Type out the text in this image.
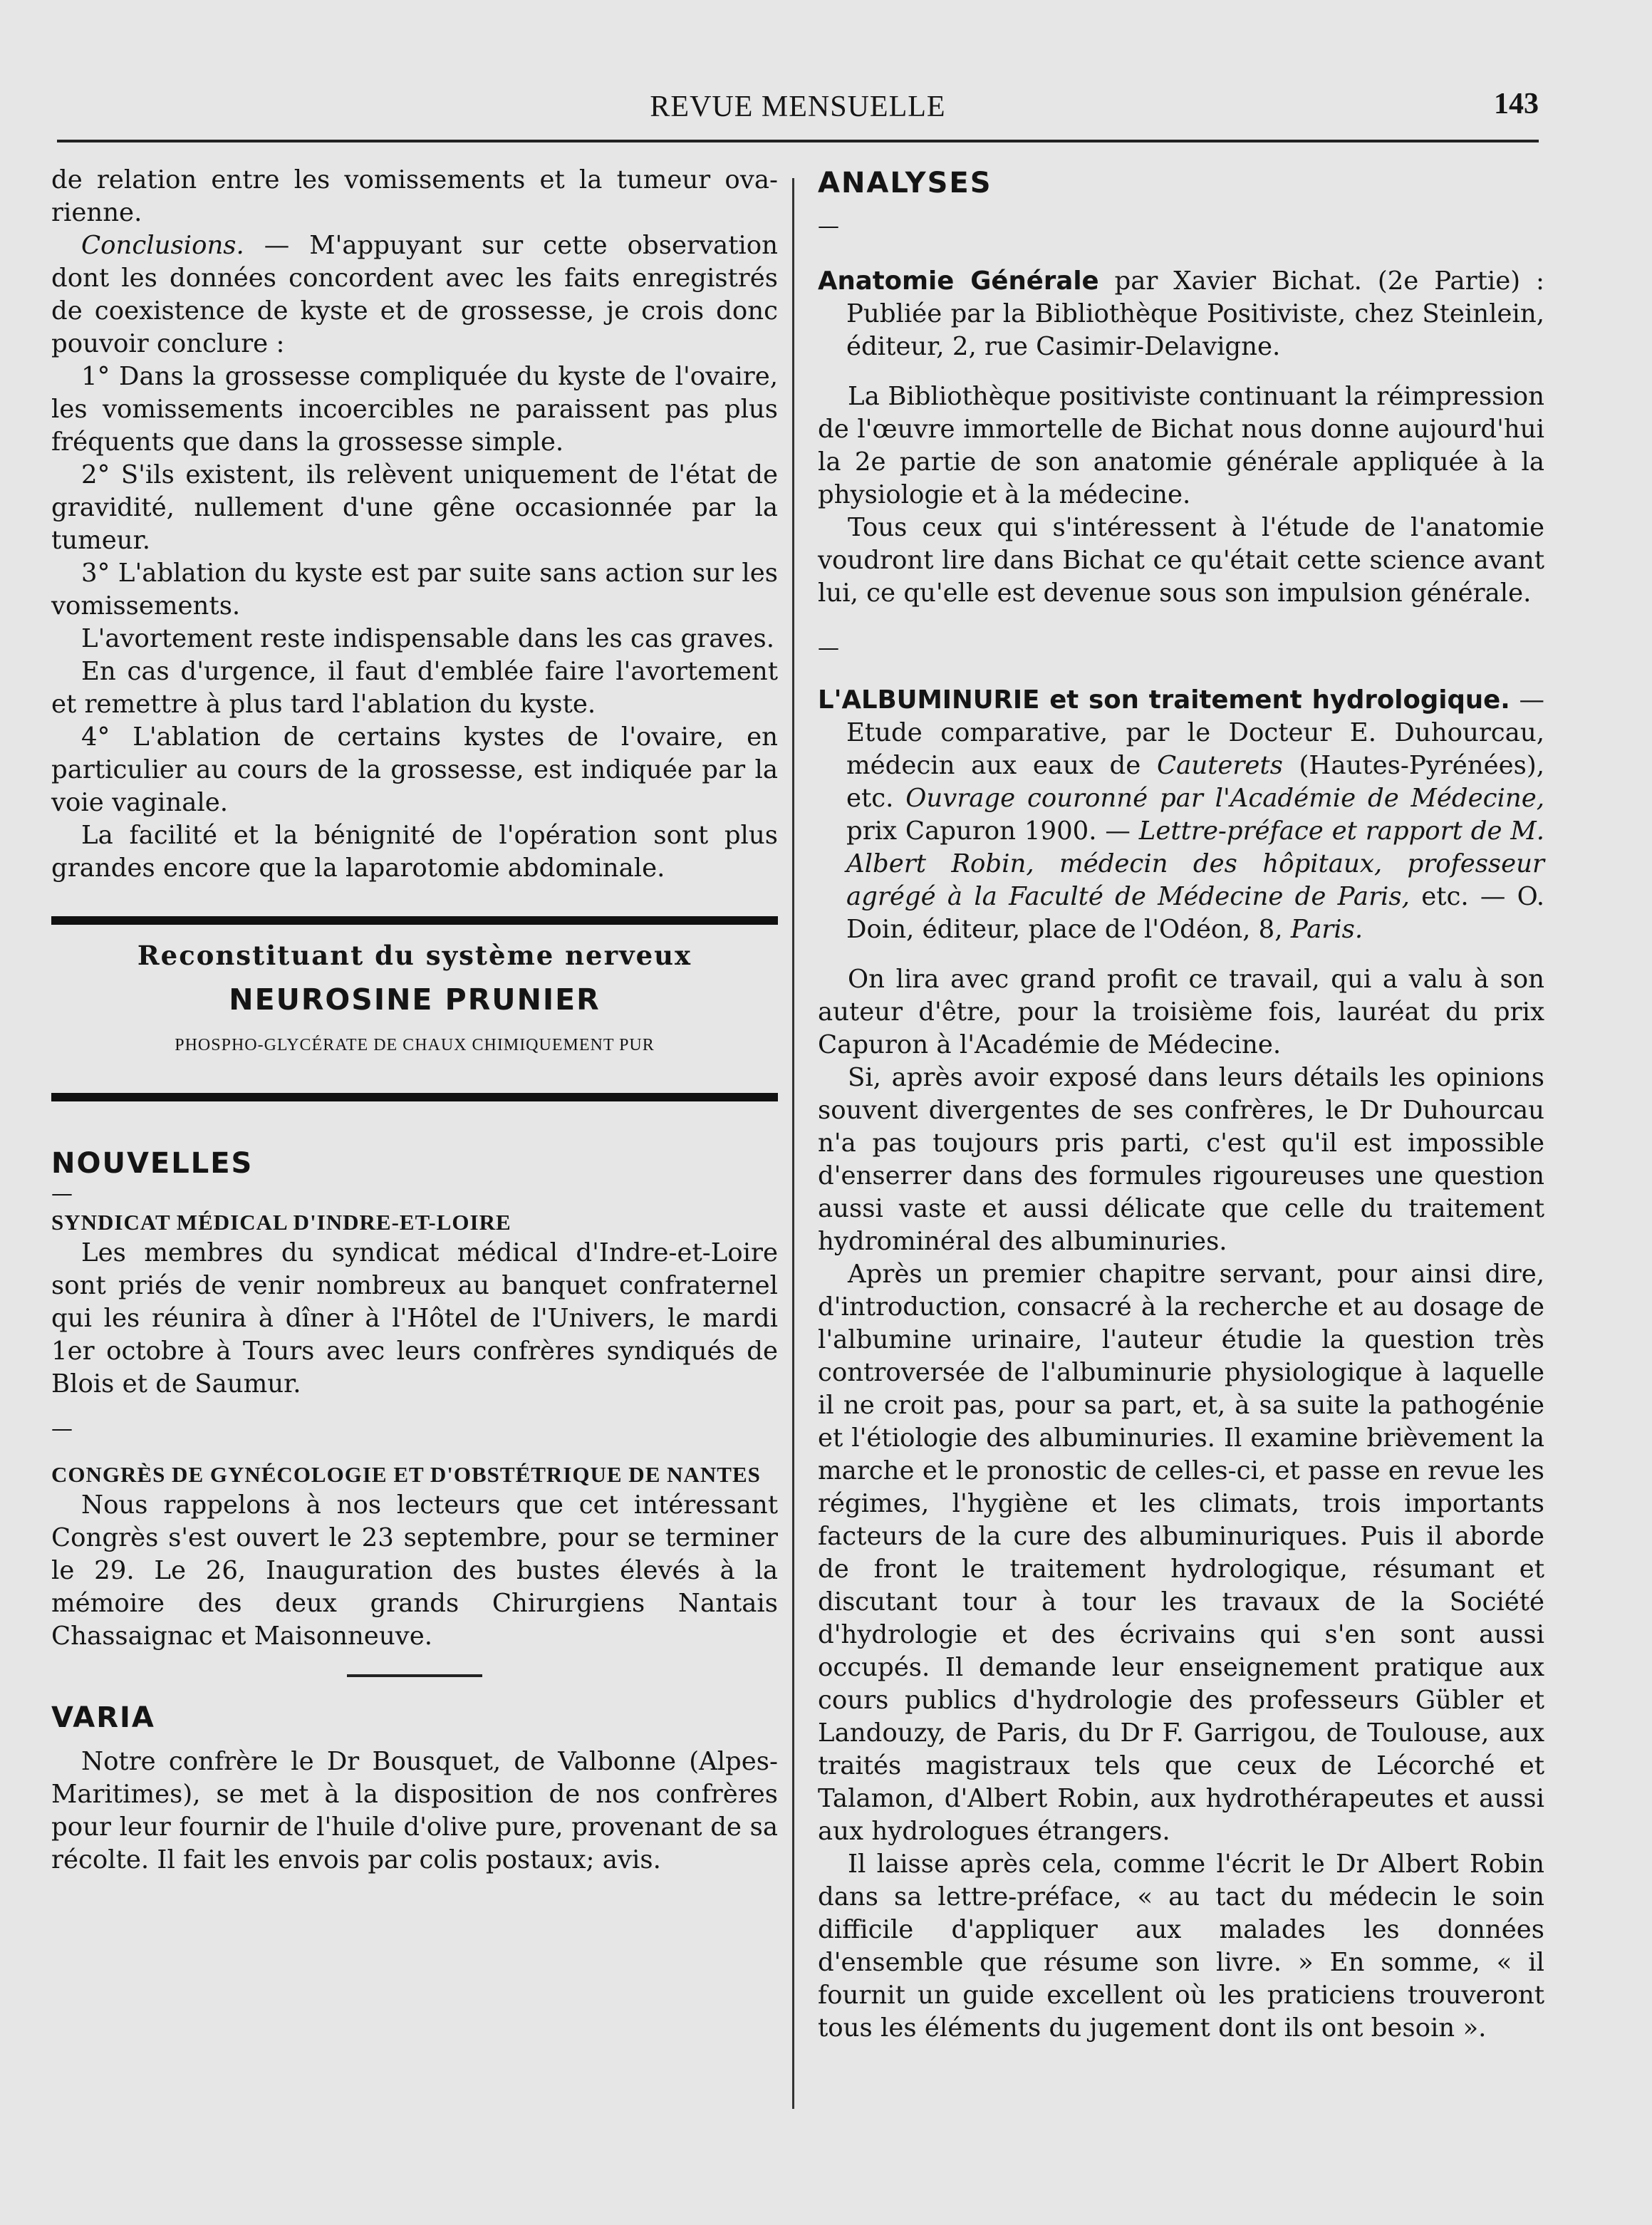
REVUE MENSUELLE	143

de relation entre les vomissements et la tumeur ova-rienne.

Conclusions. — M'appuyant sur cette observation dont les données concordent avec les faits enregistrés de coexistence de kyste et de grossesse, je crois donc pouvoir conclure :

1° Dans la grossesse compliquée du kyste de l'ovaire, les vomissements incoercibles ne paraissent pas plus fréquents que dans la grossesse simple.

2° S'ils existent, ils relèvent uniquement de l'état de gravidité, nullement d'une gêne occasionnée par la tumeur.

3° L'ablation du kyste est par suite sans action sur les vomissements.

L'avortement reste indispensable dans les cas graves.

En cas d'urgence, il faut d'emblée faire l'avortement et remettre à plus tard l'ablation du kyste.

4° L'ablation de certains kystes de l'ovaire, en particulier au cours de la grossesse, est indiquée par la voie vaginale.

La facilité et la bénignité de l'opération sont plus grandes encore que la laparotomie abdominale.

Reconstituant du système nerveux
NEUROSINE PRUNIER
PHOSPHO-GLYCÉRATE DE CHAUX CHIMIQUEMENT PUR

NOUVELLES

—

SYNDICAT MÉDICAL D'INDRE-ET-LOIRE

Les membres du syndicat médical d'Indre-et-Loire sont priés de venir nombreux au banquet confraternel qui les réunira à dîner à l'Hôtel de l'Univers, le mardi 1er octobre à Tours avec leurs confrères syndiqués de Blois et de Saumur.

—

CONGRÈS DE GYNÉCOLOGIE ET D'OBSTÉTRIQUE DE NANTES

Nous rappelons à nos lecteurs que cet intéressant Congrès s'est ouvert le 23 septembre, pour se terminer le 29. Le 26, Inauguration des bustes élevés à la mémoire des deux grands Chirurgiens Nantais Chassaignac et Maisonneuve.

VARIA

Notre confrère le Dr Bousquet, de Valbonne (Alpes-Maritimes), se met à la disposition de nos confrères pour leur fournir de l'huile d'olive pure, provenant de sa récolte. Il fait les envois par colis postaux; avis.

ANALYSES

—

Anatomie Générale par Xavier Bichat. (2e Partie) : Publiée par la Bibliothèque Positiviste, chez Steinlein, éditeur, 2, rue Casimir-Delavigne.

La Bibliothèque positiviste continuant la réimpression de l'œuvre immortelle de Bichat nous donne aujourd'hui la 2e partie de son anatomie générale appliquée à la physiologie et à la médecine.

Tous ceux qui s'intéressent à l'étude de l'anatomie voudront lire dans Bichat ce qu'était cette science avant lui, ce qu'elle est devenue sous son impulsion générale.

—

L'ALBUMINURIE et son traitement hydrologique. — Etude comparative, par le Docteur E. Duhourcau, médecin aux eaux de Cauterets (Hautes-Pyrénées), etc. Ouvrage couronné par l'Académie de Médecine, prix Capuron 1900. — Lettre-préface et rapport de M. Albert Robin, médecin des hôpitaux, professeur agrégé à la Faculté de Médecine de Paris, etc. — O. Doin, éditeur, place de l'Odéon, 8, Paris.

On lira avec grand profit ce travail, qui a valu à son auteur d'être, pour la troisième fois, lauréat du prix Capuron à l'Académie de Médecine.

Si, après avoir exposé dans leurs détails les opinions souvent divergentes de ses confrères, le Dr Duhourcau n'a pas toujours pris parti, c'est qu'il est impossible d'enserrer dans des formules rigoureuses une question aussi vaste et aussi délicate que celle du traitement hydrominéral des albuminuries.

Après un premier chapitre servant, pour ainsi dire, d'introduction, consacré à la recherche et au dosage de l'albumine urinaire, l'auteur étudie la question très controversée de l'albuminurie physiologique à laquelle il ne croit pas, pour sa part, et, à sa suite la pathogénie et l'étiologie des albuminuries. Il examine brièvement la marche et le pronostic de celles-ci, et passe en revue les régimes, l'hygiène et les climats, trois importants facteurs de la cure des albuminuriques. Puis il aborde de front le traitement hydrologique, résumant et discutant tour à tour les travaux de la Société d'hydrologie et des écrivains qui s'en sont aussi occupés. Il demande leur enseignement pratique aux cours publics d'hydrologie des professeurs Gübler et Landouzy, de Paris, du Dr F. Garrigou, de Toulouse, aux traités magistraux tels que ceux de Lécorché et Talamon, d'Albert Robin, aux hydrothérapeutes et aussi aux hydrologues étrangers.

Il laisse après cela, comme l'écrit le Dr Albert Robin dans sa lettre-préface, « au tact du médecin le soin difficile d'appliquer aux malades les données d'ensemble que résume son livre. » En somme, « il fournit un guide excellent où les praticiens trouveront tous les éléments du jugement dont ils ont besoin ».
